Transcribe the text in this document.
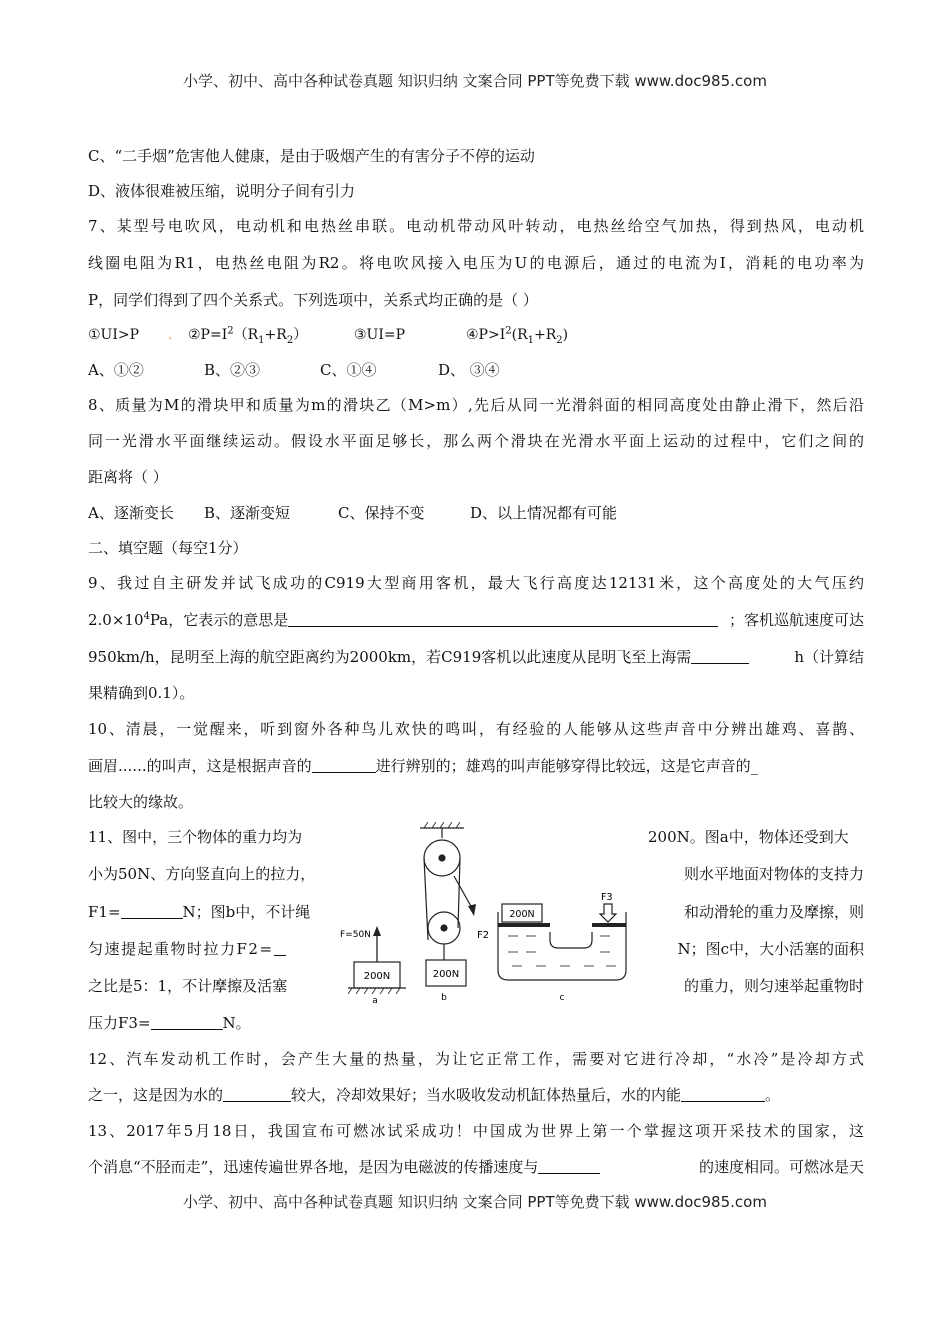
小学、初中、高中各种试卷真题 知识归纳 文案合同 PPT等免费下载 www.doc985.com
C、“二手烟”危害他人健康，是由于吸烟产生的有害分子不停的运动
D、液体很难被压缩，说明分子间有引力
7、某型号电吹风，电动机和电热丝串联。电动机带动风叶转动，电热丝给空气加热，得到热风，电动机
线圈电阻为R1，电热丝电阻为R2。将电吹风接入电压为U的电源后，通过的电流为I，消耗的电功率为
P，同学们得到了四个关系式。下列选项中，关系式均正确的是（ ）
①UI>P . $②P=I^2(R_1+R_2)$	③UI=P	$④P>I^2(R_1+R_2)$
A、①②	B、②③	C、①④	D、 ③④
8、质量为M的滑块甲和质量为m的滑块乙（M>m）,先后从同一光滑斜面的相同高度处由静止滑下，然后沿
同一光滑水平面继续运动。假设水平面足够长，那么两个滑块在光滑水平面上运动的过程中，它们之间的
距离将（ ）
A、逐渐变长 B、逐渐变短	C、保持不变	D、以上情况都有可能
二、填空题（每空1分）
9、我过自主研发并试飞成功的C919大型商用客机，最大飞行高度达12131米，这个高度处的大气压约
$2.0\times 10^4Pa$，它表示的意思是	；客机巡航速度可达
950km/h，昆明至上海的航空距离约为2000km，若C919客机以此速度从昆明飞至上海需	h（计算结
果精确到0.1）。
10、清晨，一觉醒来，听到窗外各种鸟儿欢快的鸣叫，有经验的人能够从这些声音中分辨出雄鸡、喜鹊、
画眉......的叫声，这是根据声音的	进行辨别的；雄鸡的叫声能够穿得比较远，这是它声音的_
比较大的缘故。
11、图中，三个物体的重力均为	200N。图a中，物体还受到大
小为50N、方向竖直向上的拉力，	则水平地面对物体的支持力
F1=	N；图b中，不计绳	和动滑轮的重力及摩擦，则
匀速提起重物时拉力F2=	N；图c中，大小活塞的面积
之比是5：1，不计摩擦及活塞	的重力，则匀速举起重物时
压力F3=	N。
200N
F=50N
a
F2
200N
b
200N
F3
c
12、汽车发动机工作时，会产生大量的热量，为让它正常工作，需要对它进行冷却，“水冷”是冷却方式
之一，这是因为水的	较大，冷却效果好；当水吸收发动机缸体热量后，水的内能	。
13、2017年5月18日，我国宣布可燃冰试采成功！中国成为世界上第一个掌握这项开采技术的国家，这
个消息“不胫而走”，迅速传遍世界各地，是因为电磁波的传播速度与	的速度相同。可燃冰是天
小学、初中、高中各种试卷真题 知识归纳 文案合同 PPT等免费下载 www.doc985.com
